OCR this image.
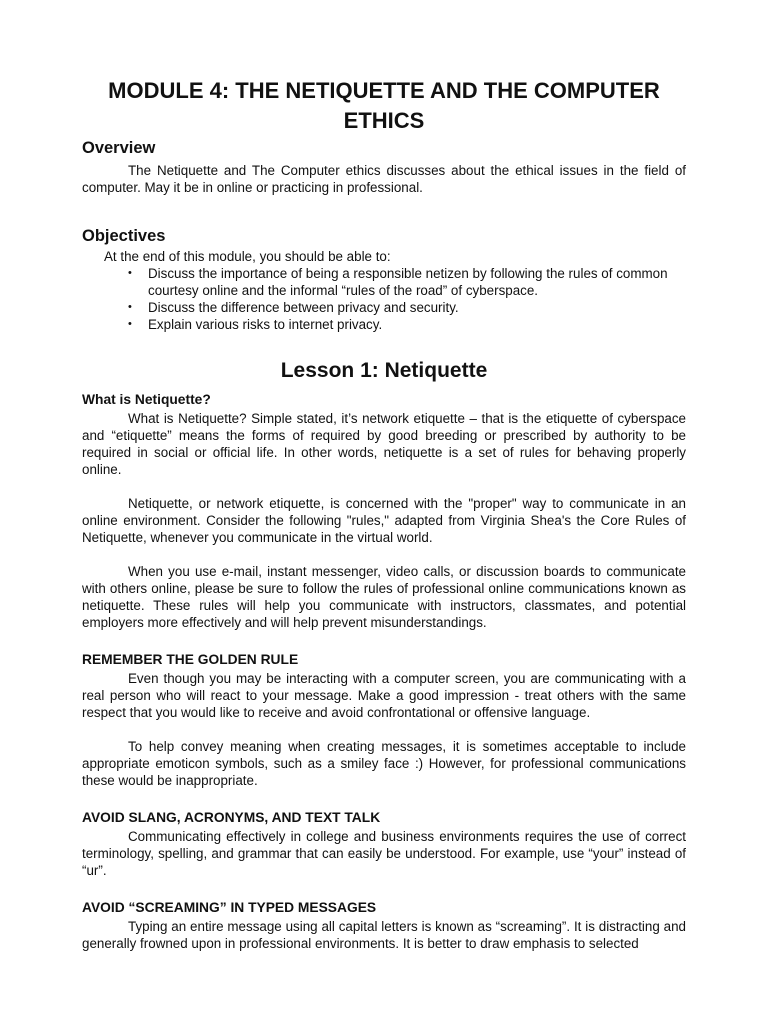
MODULE 4: THE NETIQUETTE AND THE COMPUTER ETHICS
Overview

The Netiquette and The Computer ethics discusses about the ethical issues in the field of computer. May it be in online or practicing in professional.

Objectives
At the end of this module, you should be able to:
• Discuss the importance of being a responsible netizen by following the rules of common courtesy online and the informal “rules of the road” of cyberspace.
• Discuss the difference between privacy and security.
• Explain various risks to internet privacy.
Lesson 1: Netiquette
What is Netiquette?

What is Netiquette? Simple stated, it’s network etiquette – that is the etiquette of cyberspace and “etiquette” means the forms of required by good breeding or prescribed by authority to be required in social or official life. In other words, netiquette is a set of rules for behaving properly online.

Netiquette, or network etiquette, is concerned with the "proper" way to communicate in an online environment. Consider the following "rules," adapted from Virginia Shea's the Core Rules of Netiquette, whenever you communicate in the virtual world.

When you use e-mail, instant messenger, video calls, or discussion boards to communicate with others online, please be sure to follow the rules of professional online communications known as netiquette. These rules will help you communicate with instructors, classmates, and potential employers more effectively and will help prevent misunderstandings.

REMEMBER THE GOLDEN RULE

Even though you may be interacting with a computer screen, you are communicating with a real person who will react to your message. Make a good impression - treat others with the same respect that you would like to receive and avoid confrontational or offensive language.

To help convey meaning when creating messages, it is sometimes acceptable to include appropriate emoticon symbols, such as a smiley face :) However, for professional communications these would be inappropriate.

AVOID SLANG, ACRONYMS, AND TEXT TALK

Communicating effectively in college and business environments requires the use of correct terminology, spelling, and grammar that can easily be understood. For example, use “your” instead of “ur”.

AVOID “SCREAMING” IN TYPED MESSAGES

Typing an entire message using all capital letters is known as “screaming”. It is distracting and generally frowned upon in professional environments. It is better to draw emphasis to selected
